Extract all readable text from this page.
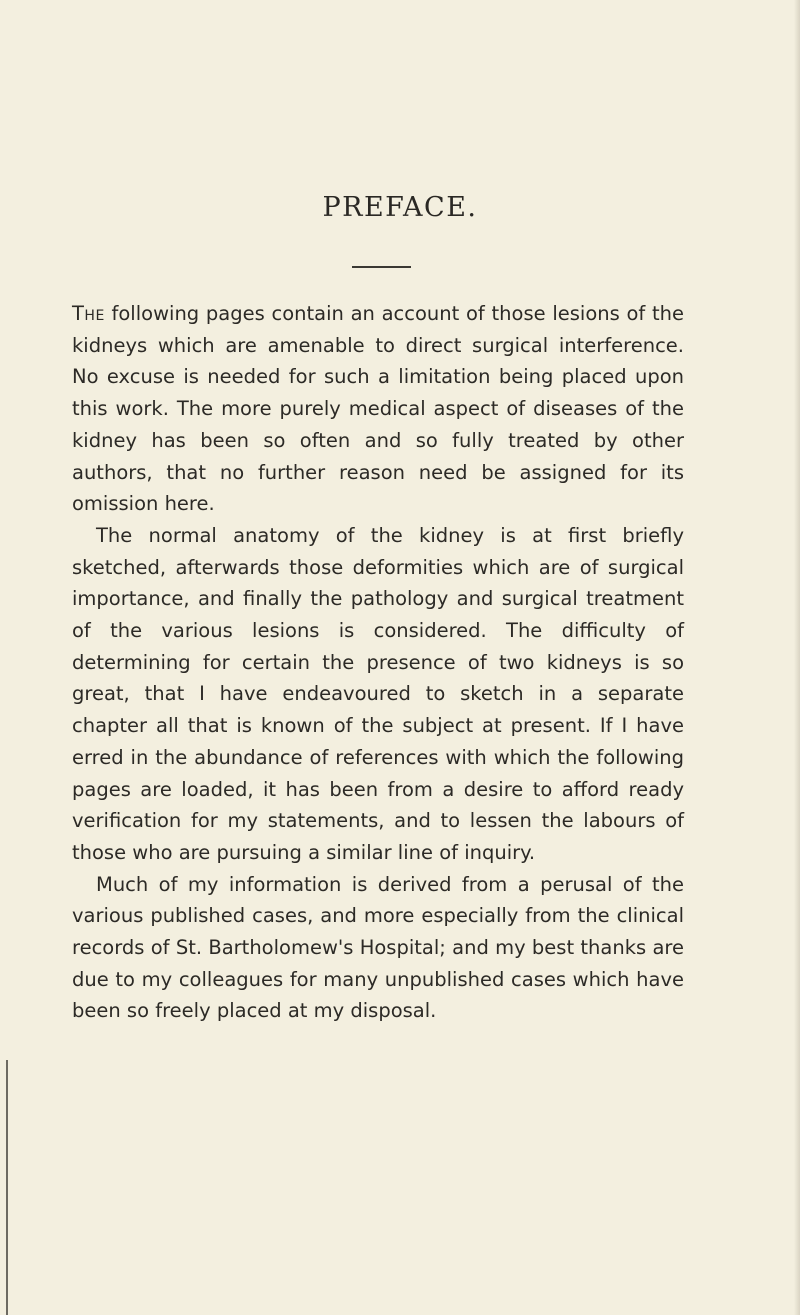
PREFACE.

The following pages contain an account of those lesions of the kidneys which are amenable to direct surgical interference. No excuse is needed for such a limitation being placed upon this work. The more purely medical aspect of diseases of the kidney has been so often and so fully treated by other authors, that no further reason need be assigned for its omission here.

The normal anatomy of the kidney is at first briefly sketched, afterwards those deformities which are of surgical importance, and finally the pathology and surgical treatment of the various lesions is considered. The difficulty of determining for certain the presence of two kidneys is so great, that I have endeavoured to sketch in a separate chapter all that is known of the subject at present. If I have erred in the abundance of references with which the following pages are loaded, it has been from a desire to afford ready verification for my statements, and to lessen the labours of those who are pursuing a similar line of inquiry.

Much of my information is derived from a perusal of the various published cases, and more especially from the clinical records of St. Bartholomew's Hospital; and my best thanks are due to my colleagues for many unpublished cases which have been so freely placed at my disposal.
